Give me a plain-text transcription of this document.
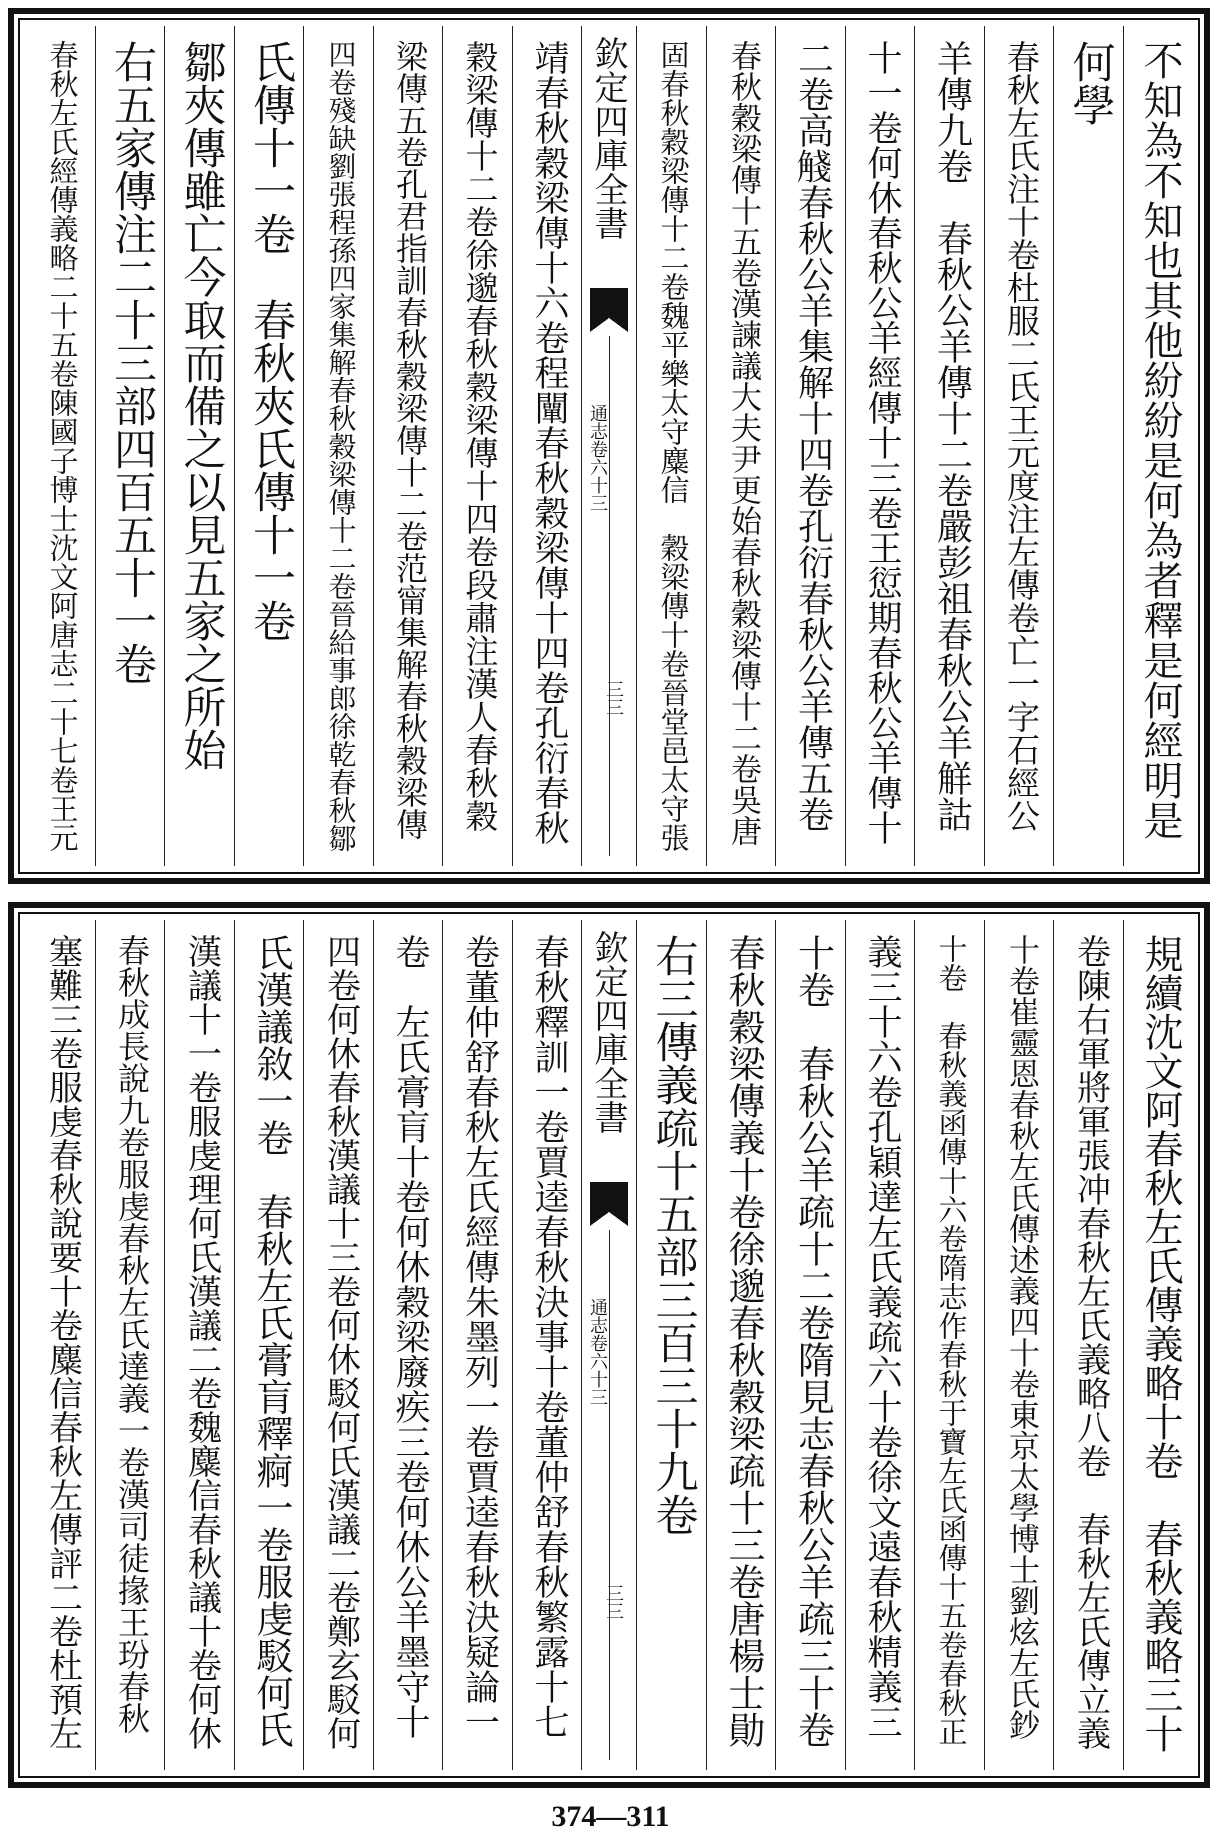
不知為不知也其他紛紛是何為者釋是何經明是
何學
春秋左氏注十卷杜服二氏王元度注左傳卷亡一字石經公
羊傳九卷　春秋公羊傳十二卷嚴彭祖春秋公羊觧詁
十一卷何休春秋公羊經傳十三卷王愆期春秋公羊傳十
二卷高𧣴春秋公羊集解十四卷孔衍春秋公羊傳五卷
春秋穀梁傳十五卷漢諫議大夫尹更始春秋穀梁傳十二卷吳唐
固春秋穀梁傳十二卷魏平樂太守麋信　穀梁傳十卷晉堂邑太守張
欽定四庫全書
通志卷六十三
三三
靖春秋穀梁傳十六卷程闡春秋穀梁傳十四卷孔衍春秋
穀梁傳十二卷徐邈春秋穀梁傳十四卷段肅注漢人春秋穀
梁傳五卷孔君指訓春秋穀梁傳十二卷范甯集解春秋穀梁傳
四卷殘缺劉張程孫四家集解春秋穀梁傳十二卷晉給事郎徐乾春秋鄒
氏傳十一卷　春秋夾氏傳十一卷
鄒夾傳雖亡今取而備之以見五家之所始
右五家傳注二十三部四百五十一卷
春秋左氏經傳義略二十五卷陳國子博士沈文阿唐志二十七卷王元
規續沈文阿春秋左氏傳義略十卷　春秋義略三十
卷陳右軍將軍張冲春秋左氏義略八卷　春秋左氏傳立義
十卷崔靈恩春秋左氏傳述義四十卷東京太學博士劉炫左氏鈔
十卷　春秋義函傳十六卷隋志作春秋于寶左氏函傳十五卷春秋正
義三十六卷孔穎達左氏義疏六十卷徐文遠春秋精義三
十卷　春秋公羊疏十二卷隋見志春秋公羊疏三十卷
春秋穀梁傳義十卷徐邈春秋穀梁疏十三卷唐楊士勛
右三傳義疏十五部三百三十九卷
欽定四庫全書
通志卷六十三
三三
春秋釋訓一卷賈逵春秋決事十卷董仲舒春秋繁露十七
卷董仲舒春秋左氏經傳朱墨列一卷賈逵春秋決疑論一
卷　左氏膏肓十卷何休穀梁廢疾三卷何休公羊墨守十
四卷何休春秋漢議十三卷何休駁何氏漢議二卷鄭玄駁何
氏漢議敘一卷　春秋左氏膏肓釋痾一卷服虔駁何氏
漢議十一卷服虔理何氏漢議二卷魏麋信春秋議十卷何休
春秋成長說九卷服虔春秋左氏達義一卷漢司徒掾王玢春秋
塞難三卷服虔春秋說要十卷麋信春秋左傳評二卷杜預左
374—311
